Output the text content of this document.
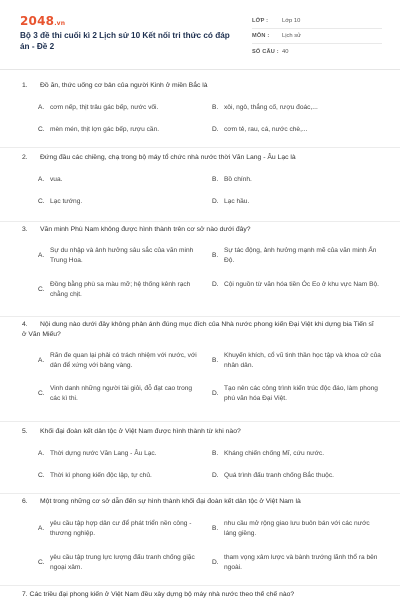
2048.vn
Bộ 3 đề thi cuối kì 2 Lịch sử 10 Kết nối tri thức có đáp án - Đề 2
LỚP :	Lớp 10
MÔN :	Lịch sử
SỐ CÂU : 40
1. Đồ ăn, thức uống cơ bản của người Kinh ở miền Bắc là
A. cơm nếp, thịt trâu gác bếp, nước vối.	B. xôi, ngô, thắng cố, rượu đoác,...
C. mèn mén, thịt lợn gác bếp, rượu cần.	D. cơm tẻ, rau, cá, nước chè,...
2. Đứng đầu các chiềng, chạ trong bộ máy tổ chức nhà nước thời Văn Lang - Âu Lạc là
A. vua.	B. Bồ chính.
C. Lạc tướng.	D. Lạc hầu.
3. Văn minh Phù Nam không được hình thành trên cơ sở nào dưới đây?
A.
Sự du nhập và ảnh hưởng sâu sắc của văn minh Trung Hoa.
B.
Sự tác động, ảnh hưởng mạnh mẽ của văn minh Ấn Độ.
C.
Đồng bằng phù sa màu mỡ; hệ thống kênh rạch chằng chịt.
D. Cội nguồn từ văn hóa tiền Óc Eo ở khu vực Nam Bộ.
4. Nội dung nào dưới đây không phản ánh đúng mục đích của Nhà nước phong kiến Đại Việt khi dựng bia Tiến sĩ ở Văn Miếu?
A.
Răn đe quan lại phải có trách nhiệm với nước, với dân để xứng với bảng vàng.
B.
Khuyến khích, cổ vũ tinh thần học tập và khoa cử của nhân dân.
C.
Vinh danh những người tài giỏi, đỗ đạt cao trong các kì thi.
D.
Tạo nên các công trình kiến trúc độc đáo, làm phong phú văn hóa Đại Việt.
5. Khối đại đoàn kết dân tộc ở Việt Nam được hình thành từ khi nào?
A. Thời dựng nước Văn Lang - Âu Lạc.	B. Kháng chiến chống Mĩ, cứu nước.
C. Thời kì phong kiến độc lập, tự chủ.	D. Quá trình đấu tranh chống Bắc thuộc.
6. Một trong những cơ sở dẫn đến sự hình thành khối đại đoàn kết dân tộc ở Việt Nam là
A.
yêu cầu tập hợp dân cư để phát triển nền công - thương nghiệp.
B.
nhu cầu mở rộng giao lưu buôn bán với các nước láng giềng.
C.
yêu cầu tập trung lực lượng đấu tranh chống giặc ngoại xâm.
D.
tham vọng xâm lược và bành trướng lãnh thổ ra bên ngoài.
7. Các triều đại phong kiến ở Việt Nam đều xây dựng bộ máy nhà nước theo thể chế nào?
